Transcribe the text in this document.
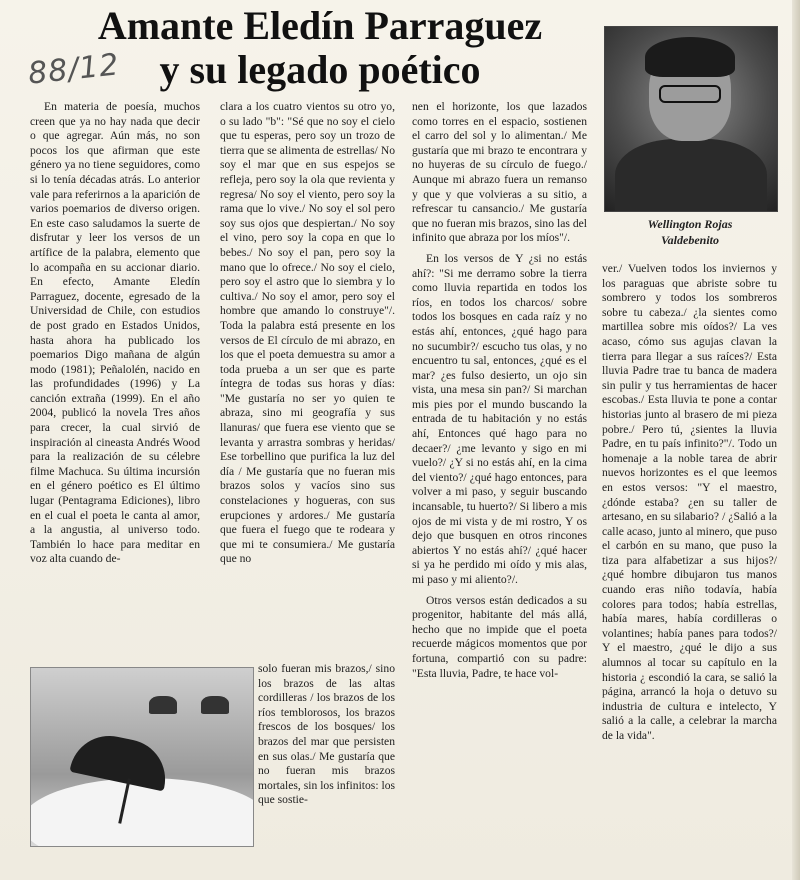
Amante Eledín Parraguez
y su legado poético
88/12
Wellington Rojas
Valdebenito

En materia de poesía, muchos creen que ya no hay nada que decir o que agregar. Aún más, no son pocos los que afirman que este género ya no tiene seguidores, como si lo tenía décadas atrás. Lo anterior vale para referirnos a la aparición de varios poemarios de diverso origen. En este caso saludamos la suerte de disfrutar y leer los versos de un artífice de la palabra, elemento que lo acompaña en su accionar diario. En efecto, Amante Eledín Parraguez, docente, egresado de la Universidad de Chile, con estudios de post grado en Estados Unidos, hasta ahora ha publicado los poemarios Digo mañana de algún modo (1981); Peñalolén, nacido en las profundidades (1996) y La canción extraña (1999). En el año 2004, publicó la novela Tres años para crecer, la cual sirvió de inspiración al cineasta Andrés Wood para la realización de su célebre filme Machuca. Su última incursión en el género poético es El último lugar (Pentagrama Ediciones), libro en el cual el poeta le canta al amor, a la angustia, al universo todo. También lo hace para meditar en voz alta cuando de-

clara a los cuatro vientos su otro yo, o su lado "b": "Sé que no soy el cielo que tu esperas, pero soy un trozo de tierra que se alimenta de estrellas/ No soy el mar que en sus espejos se refleja, pero soy la ola que revienta y regresa/ No soy el viento, pero soy la rama que lo vive./ No soy el sol pero soy sus ojos que despiertan./ No soy el vino, pero soy la copa en que lo bebes./ No soy el pan, pero soy la mano que lo ofrece./ No soy el cielo, pero soy el astro que lo siembra y lo cultiva./ No soy el amor, pero soy el hombre que amando lo construye"/. Toda la palabra está presente en los versos de El círculo de mi abrazo, en los que el poeta demuestra su amor a toda prueba a un ser que es parte íntegra de todas sus horas y días: "Me gustaría no ser yo quien te abraza, sino mi geografía y sus llanuras/ que fuera ese viento que se levanta y arrastra sombras y heridas/ Ese torbellino que purifica la luz del día / Me gustaría que no fueran mis brazos solos y vacíos sino sus constelaciones y hogueras, con sus erupciones y ardores./ Me gustaría que fuera el fuego que te rodeara y que mi te consumiera./ Me gustaría que no

solo fueran mis brazos,/ sino los brazos de las altas cordilleras / los brazos de los ríos temblorosos, los brazos frescos de los bosques/ los brazos del mar que persisten en sus olas./ Me gustaría que no fueran mis brazos mortales, sin los infinitos: los que sostie-

nen el horizonte, los que lazados como torres en el espacio, sostienen el carro del sol y lo alimentan./ Me gustaría que mi brazo te encontrara y no huyeras de su círculo de fuego./ Aunque mi abrazo fuera un remanso y que y que volvieras a su sitio, a refrescar tu cansancio./ Me gustaría que no fueran mis brazos, sino las del infinito que abraza por los míos"/.

En los versos de Y ¿si no estás ahí?: "Si me derramo sobre la tierra como lluvia repartida en todos los ríos, en todos los charcos/ sobre todos los bosques en cada raíz y no estás ahí, entonces, ¿qué hago para no sucumbir?/ escucho tus olas, y no encuentro tu sal, entonces, ¿qué es el mar? ¿es fulso desierto, un ojo sin vista, una mesa sin pan?/ Si marchan mis pies por el mundo buscando la entrada de tu habitación y no estás ahí, Entonces qué hago para no decaer?/ ¿me levanto y sigo en mi vuelo?/ ¿Y si no estás ahí, en la cima del viento?/ ¿qué hago entonces, para volver a mi paso, y seguir buscando incansable, tu huerto?/ Si libero a mis ojos de mi vista y de mi rostro, Y os dejo que busquen en otros rincones abiertos Y no estás ahí?/ ¿qué hacer si ya he perdido mi oído y mis alas, mi paso y mi aliento?/.

Otros versos están dedicados a su progenitor, habitante del más allá, hecho que no impide que el poeta recuerde mágicos momentos que por fortuna, compartió con su padre: "Esta lluvia, Padre, te hace vol-

ver./ Vuelven todos los inviernos y los paraguas que abriste sobre tu sombrero y todos los sombreros sobre tu cabeza./ ¿la sientes como martillea sobre mis oídos?/ La ves acaso, cómo sus agujas clavan la tierra para llegar a sus raíces?/ Esta lluvia Padre trae tu banca de madera sin pulir y tus herramientas de hacer escobas./ Esta lluvia te pone a contar historias junto al brasero de mi pieza pobre./ Pero tú, ¿sientes la lluvia Padre, en tu país infinito?"/. Todo un homenaje a la noble tarea de abrir nuevos horizontes es el que leemos en estos versos: "Y el maestro, ¿dónde estaba? ¿en su taller de artesano, en su silabario? / ¿Salió a la calle acaso, junto al minero, que puso el carbón en su mano, que puso la tiza para alfabetizar a sus hijos?/ ¿qué hombre dibujaron tus manos cuando eras niño todavía, había colores para todos; había estrellas, había mares, había cordilleras o volantines; había panes para todos?/ Y el maestro, ¿qué le dijo a sus alumnos al tocar su capítulo en la historia ¿ escondió la cara, se salió la página, arrancó la hoja o detuvo su industria de cultura e intelecto, Y salió a la calle, a celebrar la marcha de la vida".
